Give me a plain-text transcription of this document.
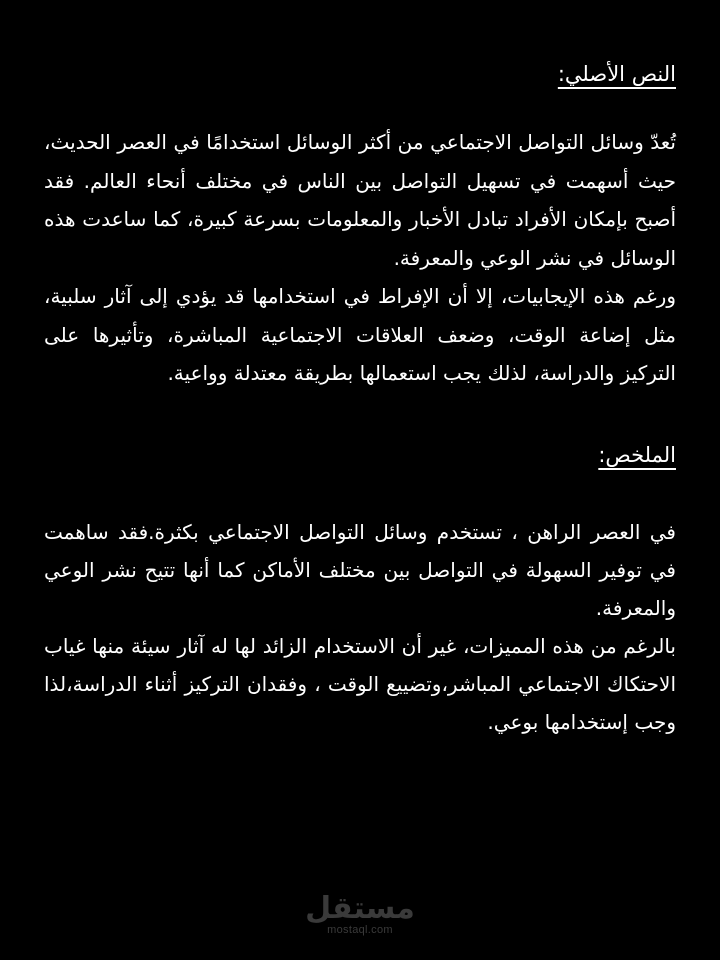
النص الأصلي:

تُعدّ وسائل التواصل الاجتماعي من أكثر الوسائل استخدامًا في العصر الحديث، حيث أسهمت في تسهيل التواصل بين الناس في مختلف أنحاء العالم. فقد أصبح بإمكان الأفراد تبادل الأخبار والمعلومات بسرعة كبيرة، كما ساعدت هذه الوسائل في نشر الوعي والمعرفة.

ورغم هذه الإيجابيات، إلا أن الإفراط في استخدامها قد يؤدي إلى آثار سلبية، مثل إضاعة الوقت، وضعف العلاقات الاجتماعية المباشرة، وتأثيرها على التركيز والدراسة، لذلك يجب استعمالها بطريقة معتدلة وواعية.

الملخص:

في العصر الراهن ، تستخدم وسائل التواصل الاجتماعي بكثرة.فقد ساهمت في توفير السهولة في التواصل بين مختلف الأماكن كما أنها تتيح نشر الوعي والمعرفة.

بالرغم من هذه المميزات، غير أن الاستخدام الزائد لها له آثار سيئة منها غياب الاحتكاك الاجتماعي المباشر،وتضييع الوقت ، وفقدان التركيز أثناء الدراسة،لذا وجب إستخدامها بوعي.

مستقل
mostaql.com
